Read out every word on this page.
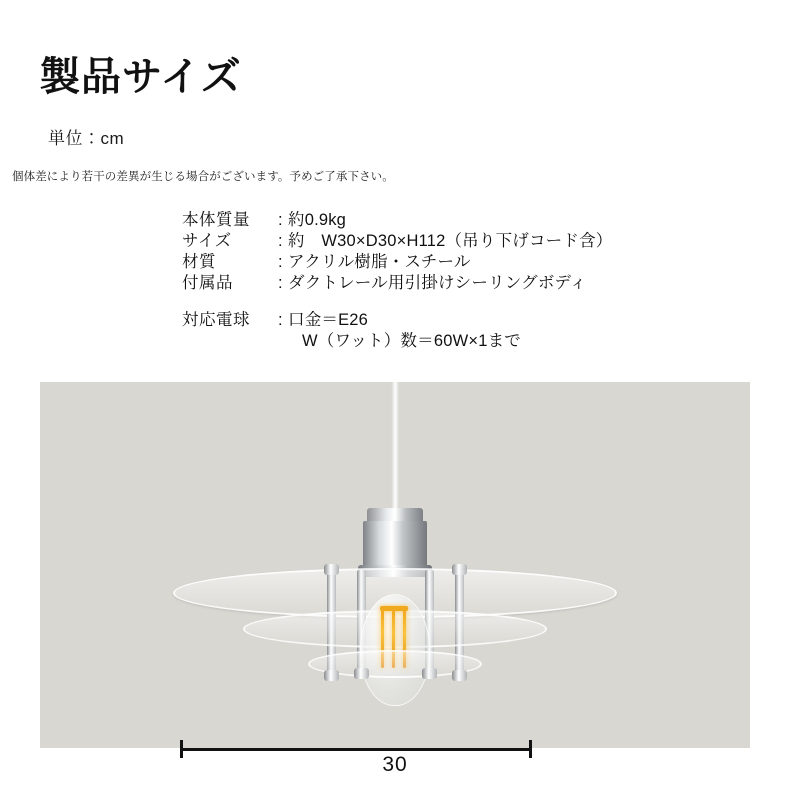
製品サイズ
単位：cm
個体差により若干の差異が生じる場合がございます。予めご了承下さい。
本体質量	: 約0.9kg
サイズ	: 約　W30×D30×H112（吊り下げコード含）
材質	: アクリル樹脂・スチール
付属品	: ダクトレール用引掛けシーリングボディ
対応電球	: 口金＝E26
W（ワット）数＝60W×1まで
30
